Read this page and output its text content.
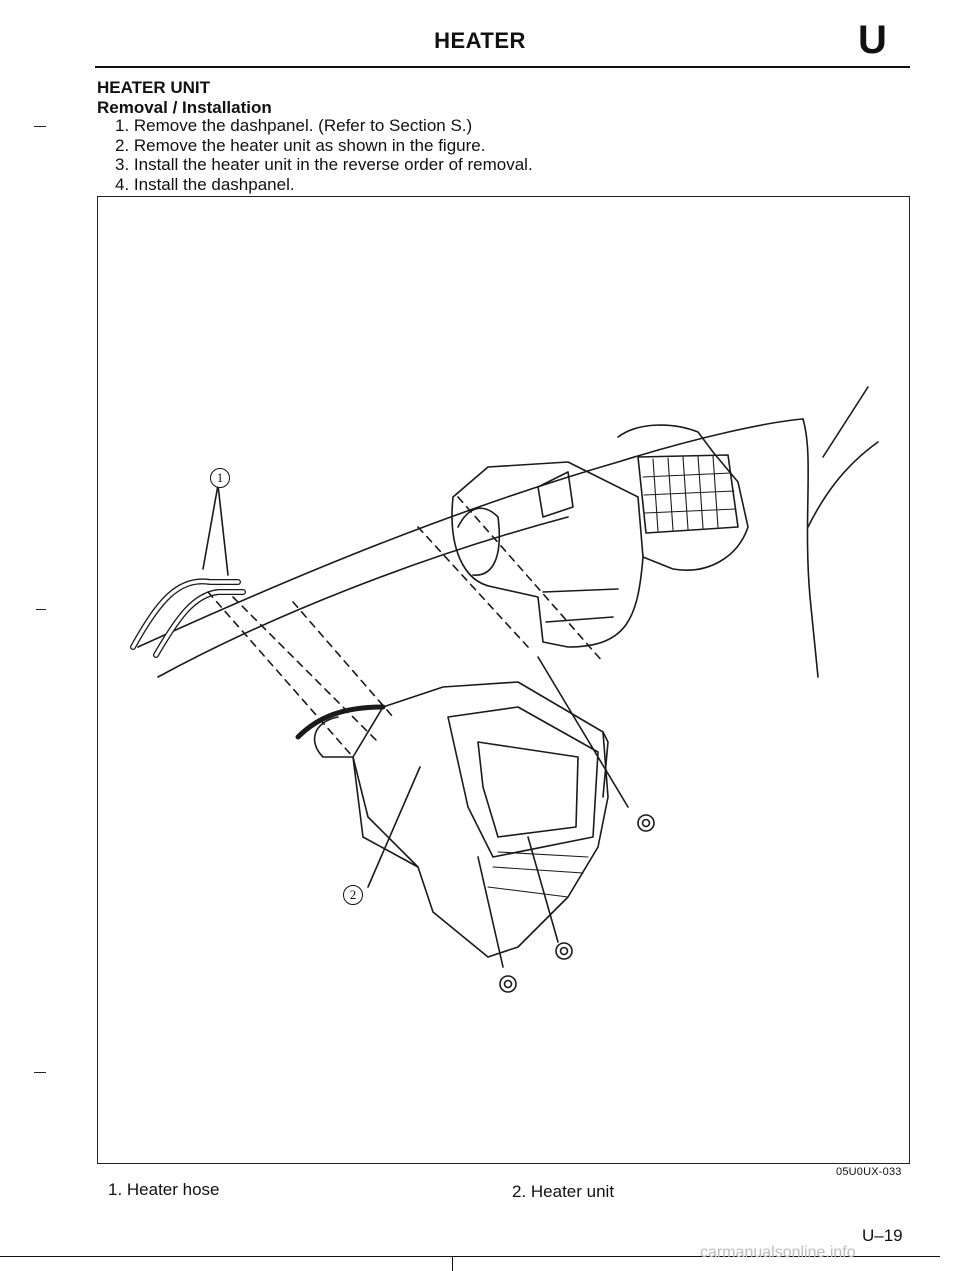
HEATER	U
HEATER UNIT
Removal / Installation
1. Remove the dashpanel. (Refer to Section S.)
2. Remove the heater unit as shown in the figure.
3. Install the heater unit in the reverse order of removal.
4. Install the dashpanel.
1
2
05U0UX-033
1. Heater hose	2. Heater unit
U–19
carmanualsonline.info
